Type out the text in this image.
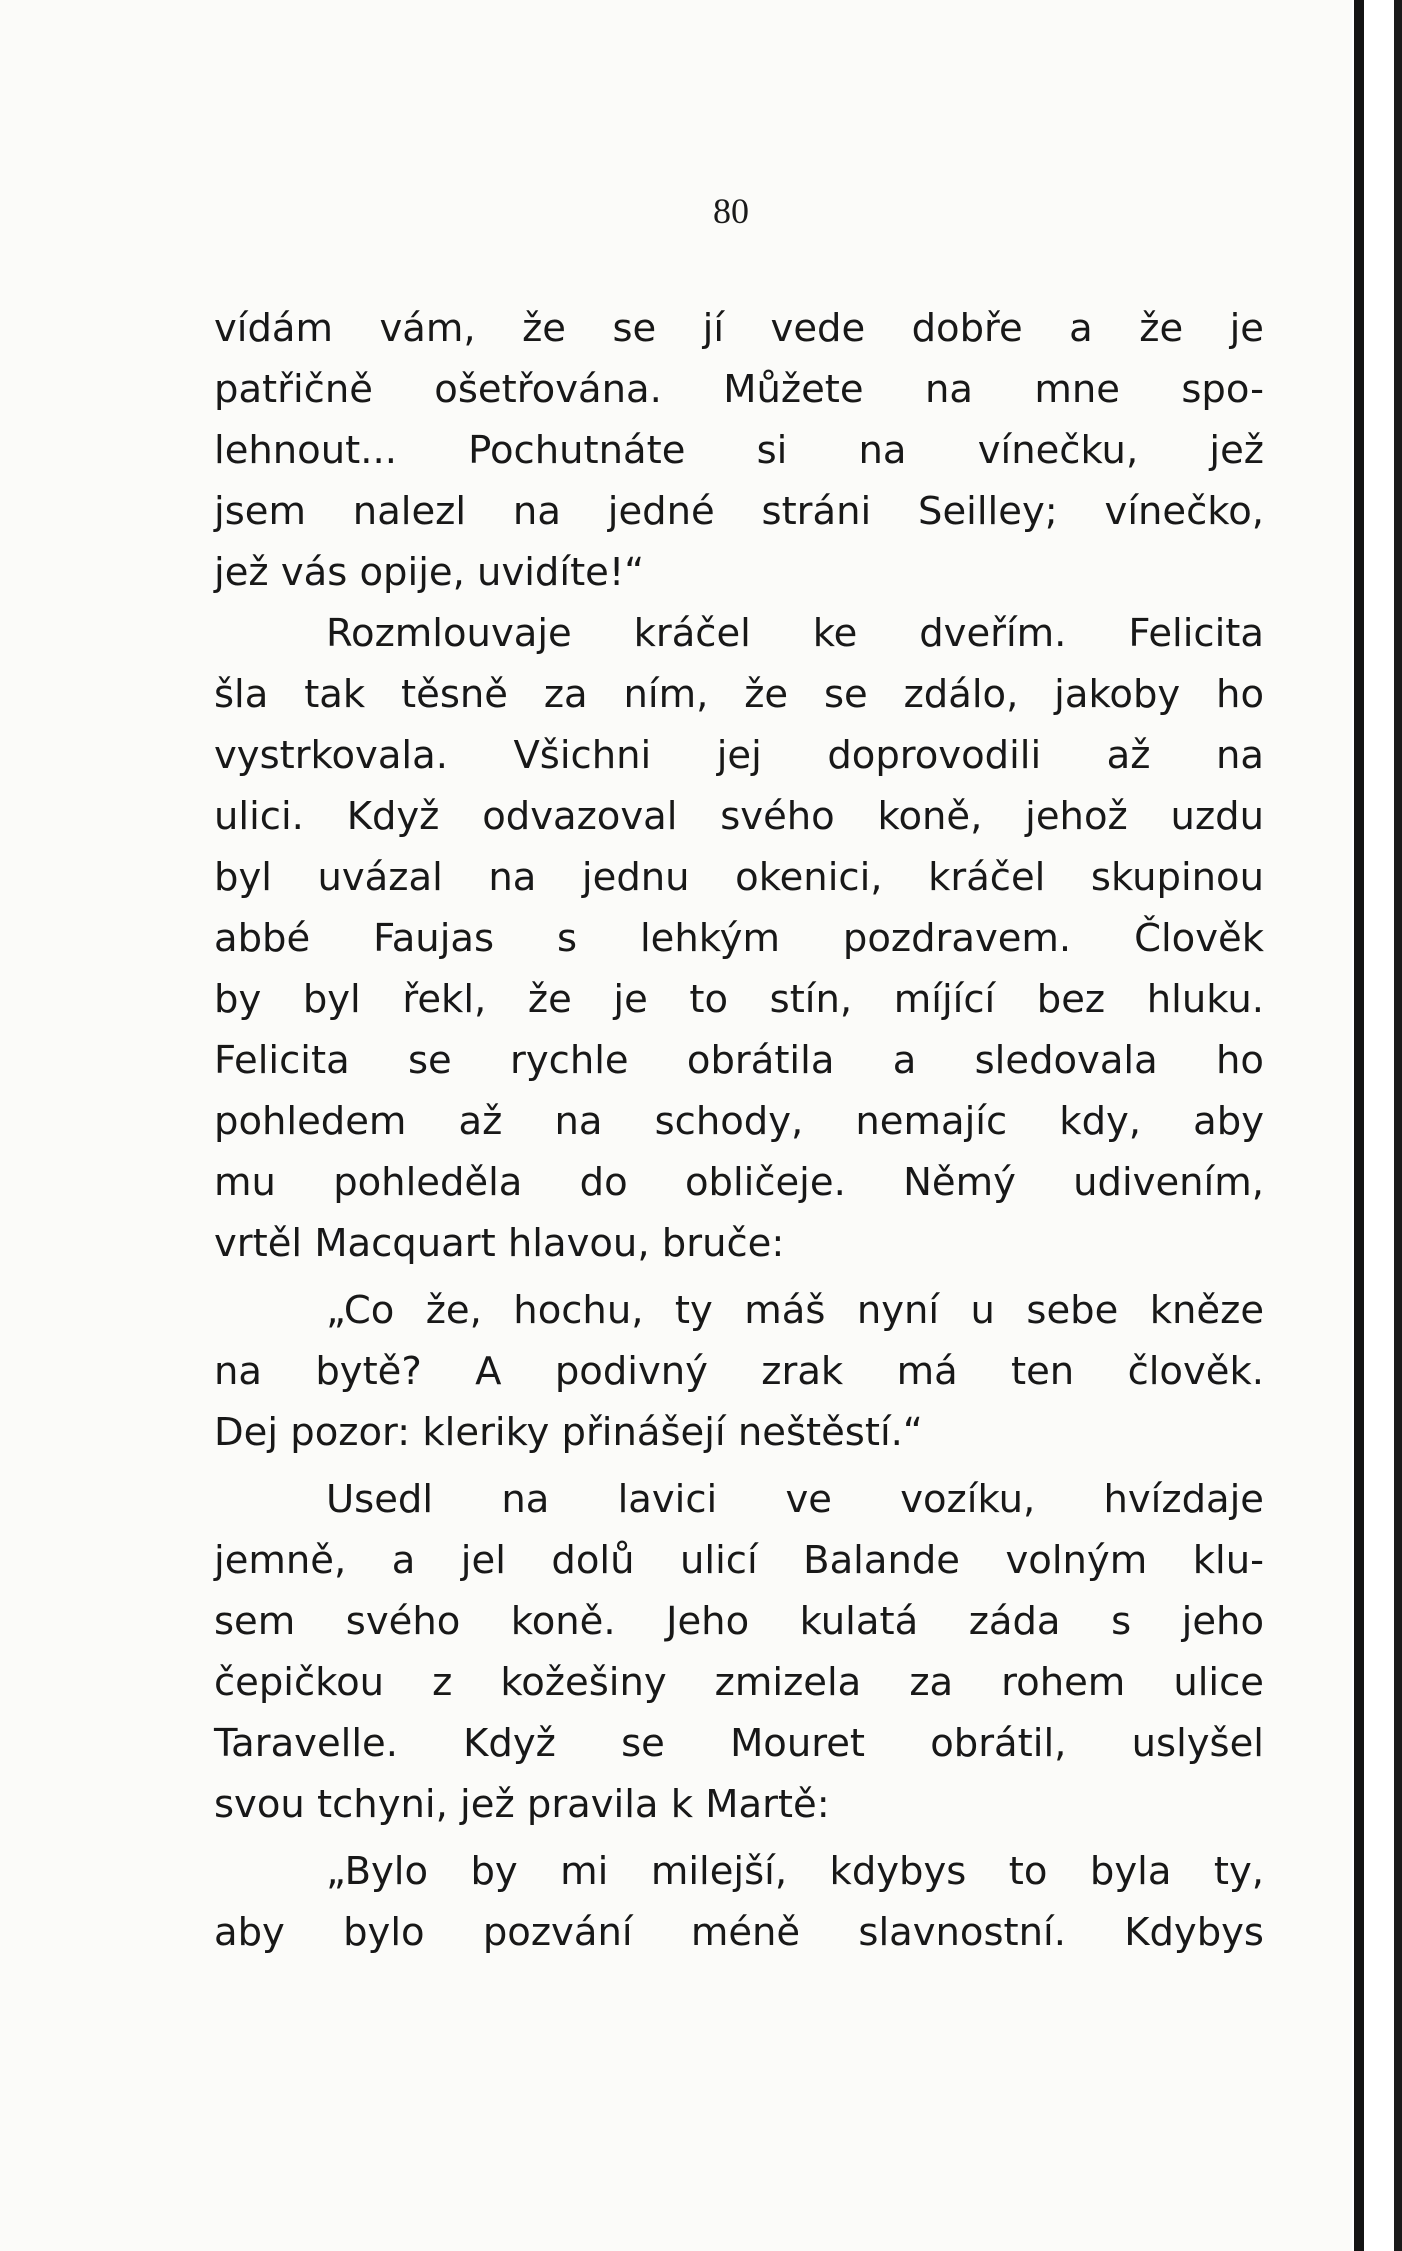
80
vídám vám, že se jí vede dobře a že je
patřičně ošetřována. Můžete na mne spo-
lehnout... Pochutnáte si na vínečku, jež
jsem nalezl na jedné stráni Seilley; vínečko,
jež vás opije, uvidíte!“
Rozmlouvaje kráčel ke dveřím. Felicita
šla tak těsně za ním, že se zdálo, jakoby ho
vystrkovala. Všichni jej doprovodili až na
ulici. Když odvazoval svého koně, jehož uzdu
byl uvázal na jednu okenici, kráčel skupinou
abbé Faujas s lehkým pozdravem. Člověk
by byl řekl, že je to stín, míjící bez hluku.
Felicita se rychle obrátila a sledovala ho
pohledem až na schody, nemajíc kdy, aby
mu pohleděla do obličeje. Němý udivením,
vrtěl Macquart hlavou, bruče:
„Co že, hochu, ty máš nyní u sebe kněze
na bytě? A podivný zrak má ten člověk.
Dej pozor: kleriky přinášejí neštěstí.“
Usedl na lavici ve vozíku, hvízdaje
jemně, a jel dolů ulicí Balande volným klu-
sem svého koně. Jeho kulatá záda s jeho
čepičkou z kožešiny zmizela za rohem ulice
Taravelle. Když se Mouret obrátil, uslyšel
svou tchyni, jež pravila k Martě:
„Bylo by mi milejší, kdybys to byla ty,
aby bylo pozvání méně slavnostní. Kdybys
